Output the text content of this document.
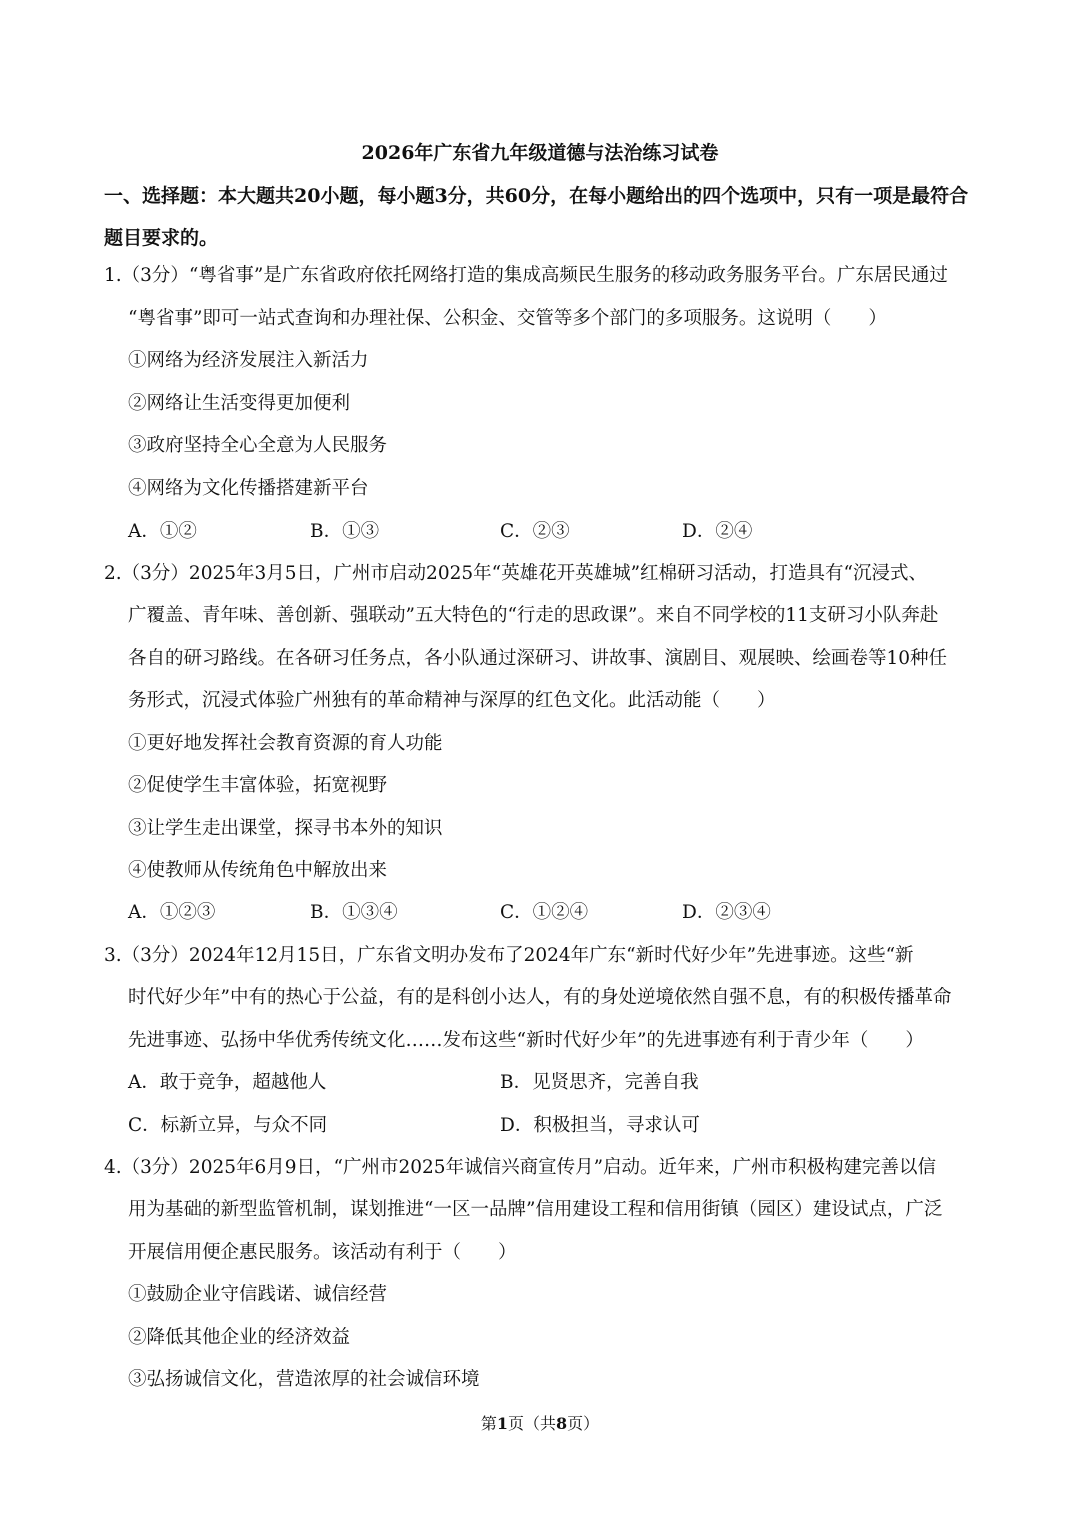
2026年广东省九年级道德与法治练习试卷
一、选择题：本大题共20小题，每小题3分，共60分，在每小题给出的四个选项中，只有一项是最符合题目要求的。
1.（3分）“粤省事”是广东省政府依托网络打造的集成高频民生服务的移动政务服务平台。广东居民通过
“粤省事”即可一站式查询和办理社保、公积金、交管等多个部门的多项服务。这说明（　　）
①网络为经济发展注入新活力
②网络让生活变得更加便利
③政府坚持全心全意为人民服务
④网络为文化传播搭建新平台
A．①②	B．①③	C．②③	D．②④
2.（3分）2025年3月5日，广州市启动2025年“英雄花开英雄城”红棉研习活动，打造具有“沉浸式、
广覆盖、青年味、善创新、强联动”五大特色的“行走的思政课”。来自不同学校的11支研习小队奔赴
各自的研习路线。在各研习任务点，各小队通过深研习、讲故事、演剧目、观展映、绘画卷等10种任
务形式，沉浸式体验广州独有的革命精神与深厚的红色文化。此活动能（　　）
①更好地发挥社会教育资源的育人功能
②促使学生丰富体验，拓宽视野
③让学生走出课堂，探寻书本外的知识
④使教师从传统角色中解放出来
A．①②③	B．①③④	C．①②④	D．②③④
3.（3分）2024年12月15日，广东省文明办发布了2024年广东“新时代好少年”先进事迹。这些“新
时代好少年”中有的热心于公益，有的是科创小达人，有的身处逆境依然自强不息，有的积极传播革命
先进事迹、弘扬中华优秀传统文化……发布这些“新时代好少年”的先进事迹有利于青少年（　　）
A．敢于竞争，超越他人	B．见贤思齐，完善自我
C．标新立异，与众不同	D．积极担当，寻求认可
4.（3分）2025年6月9日，“广州市2025年诚信兴商宣传月”启动。近年来，广州市积极构建完善以信
用为基础的新型监管机制，谋划推进“一区一品牌”信用建设工程和信用街镇（园区）建设试点，广泛
开展信用便企惠民服务。该活动有利于（　　）
①鼓励企业守信践诺、诚信经营
②降低其他企业的经济效益
③弘扬诚信文化，营造浓厚的社会诚信环境
第1页（共8页）
